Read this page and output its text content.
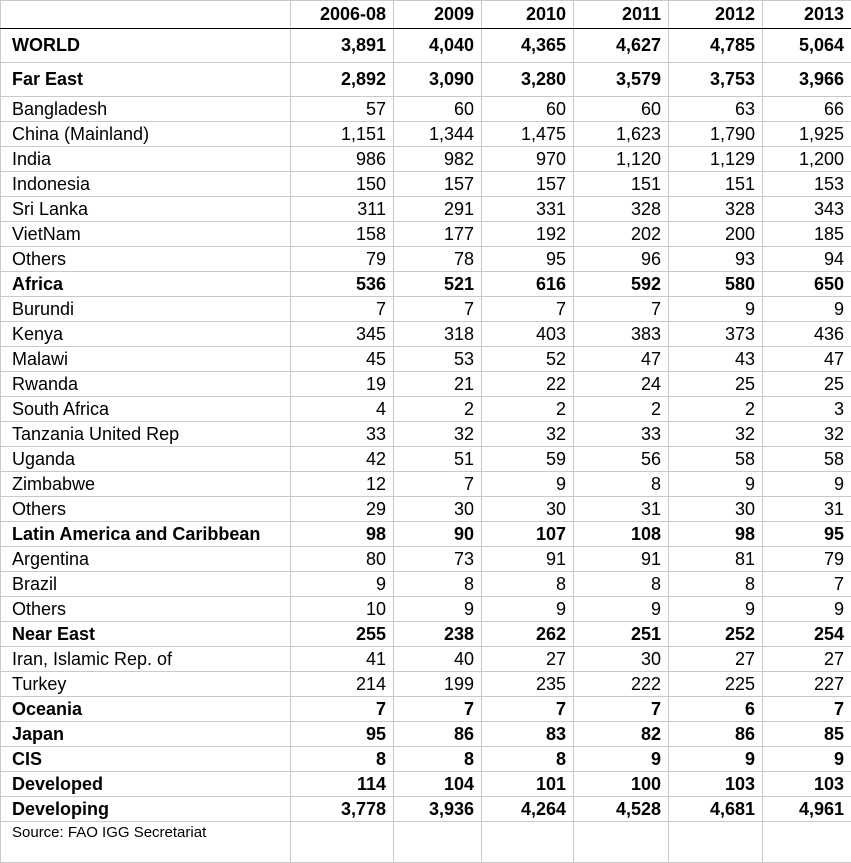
	2006-08	2009	2010	2011	2012	2013
WORLD	3,891	4,040	4,365	4,627	4,785	5,064
Far East	2,892	3,090	3,280	3,579	3,753	3,966
Bangladesh	57	60	60	60	63	66
China (Mainland)	1,151	1,344	1,475	1,623	1,790	1,925
India	986	982	970	1,120	1,129	1,200
Indonesia	150	157	157	151	151	153
Sri Lanka	311	291	331	328	328	343
VietNam	158	177	192	202	200	185
Others	79	78	95	96	93	94
Africa	536	521	616	592	580	650
Burundi	7	7	7	7	9	9
Kenya	345	318	403	383	373	436
Malawi	45	53	52	47	43	47
Rwanda	19	21	22	24	25	25
South Africa	4	2	2	2	2	3
Tanzania United Rep	33	32	32	33	32	32
Uganda	42	51	59	56	58	58
Zimbabwe	12	7	9	8	9	9
Others	29	30	30	31	30	31
Latin America and Caribbean	98	90	107	108	98	95
Argentina	80	73	91	91	81	79
Brazil	9	8	8	8	8	7
Others	10	9	9	9	9	9
Near East	255	238	262	251	252	254
Iran, Islamic Rep. of	41	40	27	30	27	27
Turkey	214	199	235	222	225	227
Oceania	7	7	7	7	6	7
Japan	95	86	83	82	86	85
CIS	8	8	8	9	9	9
Developed	114	104	101	100	103	103
Developing	3,778	3,936	4,264	4,528	4,681	4,961
Source: FAO IGG Secretariat						
